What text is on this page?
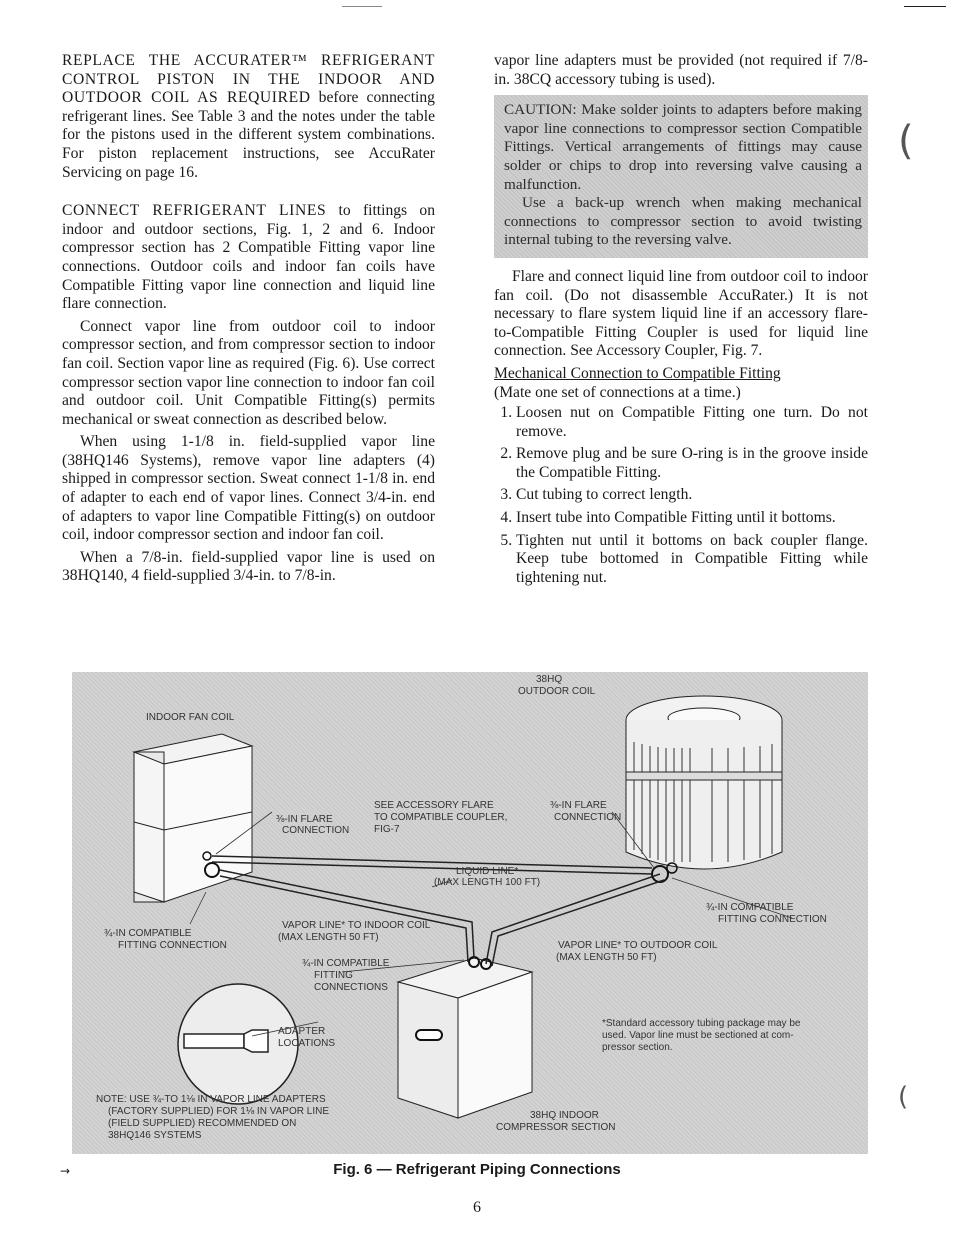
(
(

REPLACE THE ACCURATER™ REFRIGERANT CONTROL PISTON IN THE INDOOR AND OUTDOOR COIL AS REQUIRED before connecting refrigerant lines. See Table 3 and the notes under the table for the pistons used in the different system combinations. For piston replacement instructions, see AccuRater Servicing on page 16.

CONNECT REFRIGERANT LINES to fittings on indoor and outdoor sections, Fig. 1, 2 and 6. Indoor compressor section has 2 Compatible Fitting vapor line connections. Outdoor coils and indoor fan coils have Compatible Fitting vapor line connection and liquid line flare connection.

Connect vapor line from outdoor coil to indoor compressor section, and from compressor section to indoor fan coil. Section vapor line as required (Fig. 6). Use correct compressor section vapor line connection to indoor fan coil and outdoor coil. Unit Compatible Fitting(s) permits mechanical or sweat connection as described below.

When using 1-1/8 in. field-supplied vapor line (38HQ146 Systems), remove vapor line adapters (4) shipped in compressor section. Sweat connect 1-1/8 in. end of adapter to each end of vapor lines. Connect 3/4-in. end of adapters to vapor line Compatible Fitting(s) on outdoor coil, indoor compressor section and indoor fan coil.

When a 7/8-in. field-supplied vapor line is used on 38HQ140, 4 field-supplied 3/4-in. to 7/8-in.

vapor line adapters must be provided (not required if 7/8-in. 38CQ accessory tubing is used).

CAUTION: Make solder joints to adapters before making vapor line connections to compressor section Compatible Fittings. Vertical arrangements of fittings may cause solder or chips to drop into reversing valve causing a malfunction.

Use a back-up wrench when making mechanical connections to compressor section to avoid twisting internal tubing to the reversing valve.

Flare and connect liquid line from outdoor coil to indoor fan coil. (Do not disassemble AccuRater.) It is not necessary to flare system liquid line if an accessory flare-to-Compatible Fitting Coupler is used for liquid line connection. See Accessory Coupler, Fig. 7.

Mechanical Connection to Compatible Fitting

(Mate one set of connections at a time.)

1. Loosen nut on Compatible Fitting one turn. Do not remove.
2. Remove plug and be sure O-ring is in the groove inside the Compatible Fitting.
3. Cut tubing to correct length.
4. Insert tube into Compatible Fitting until it bottoms.
5. Tighten nut until it bottoms on back coupler flange. Keep tube bottomed in Compatible Fitting while tightening nut.
38HQ
OUTDOOR COIL
INDOOR FAN COIL
⅜-IN FLARE
CONNECTION
SEE ACCESSORY FLARE
TO COMPATIBLE COUPLER,
FIG-7
⅜-IN FLARE
CONNECTION
LIQUID LINE*
(MAX LENGTH 100 FT)
¾-IN COMPATIBLE
FITTING CONNECTION
VAPOR LINE* TO INDOOR COIL
(MAX LENGTH 50 FT)
¾-IN COMPATIBLE
FITTING CONNECTION
¾-IN COMPATIBLE
FITTING
CONNECTIONS
VAPOR LINE* TO OUTDOOR COIL
(MAX LENGTH 50 FT)
ADAPTER
LOCATIONS
*Standard accessory tubing package may be
used. Vapor line must be sectioned at com-
pressor section.
NOTE: USE ¾-TO 1⅛ IN VAPOR LINE ADAPTERS
(FACTORY SUPPLIED) FOR 1⅛ IN VAPOR LINE
(FIELD SUPPLIED) RECOMMENDED ON
38HQ146 SYSTEMS
38HQ INDOOR
COMPRESSOR SECTION
→	Fig. 6 — Refrigerant Piping Connections
6
